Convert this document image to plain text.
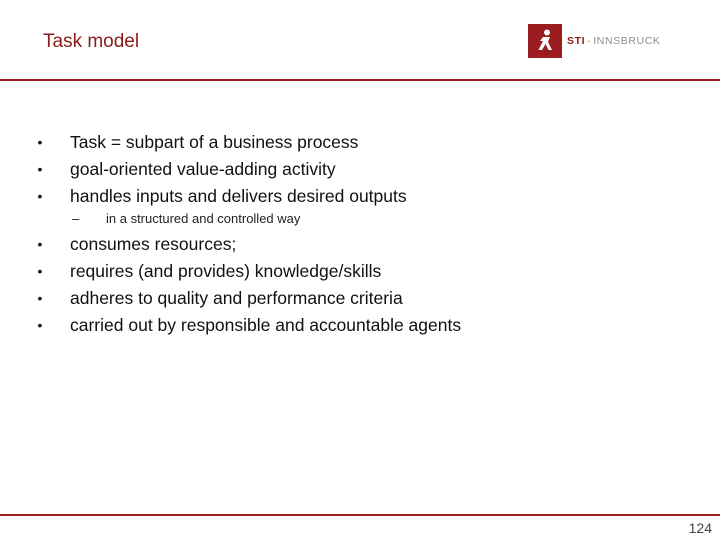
Task model	STI · INNSBRUCK
• Task = subpart of a business process
• goal-oriented value-adding activity
• handles inputs and delivers desired outputs
– in a structured and controlled way
• consumes resources;
• requires (and provides) knowledge/skills
• adheres to quality and performance criteria
• carried out by responsible and accountable agents
124
